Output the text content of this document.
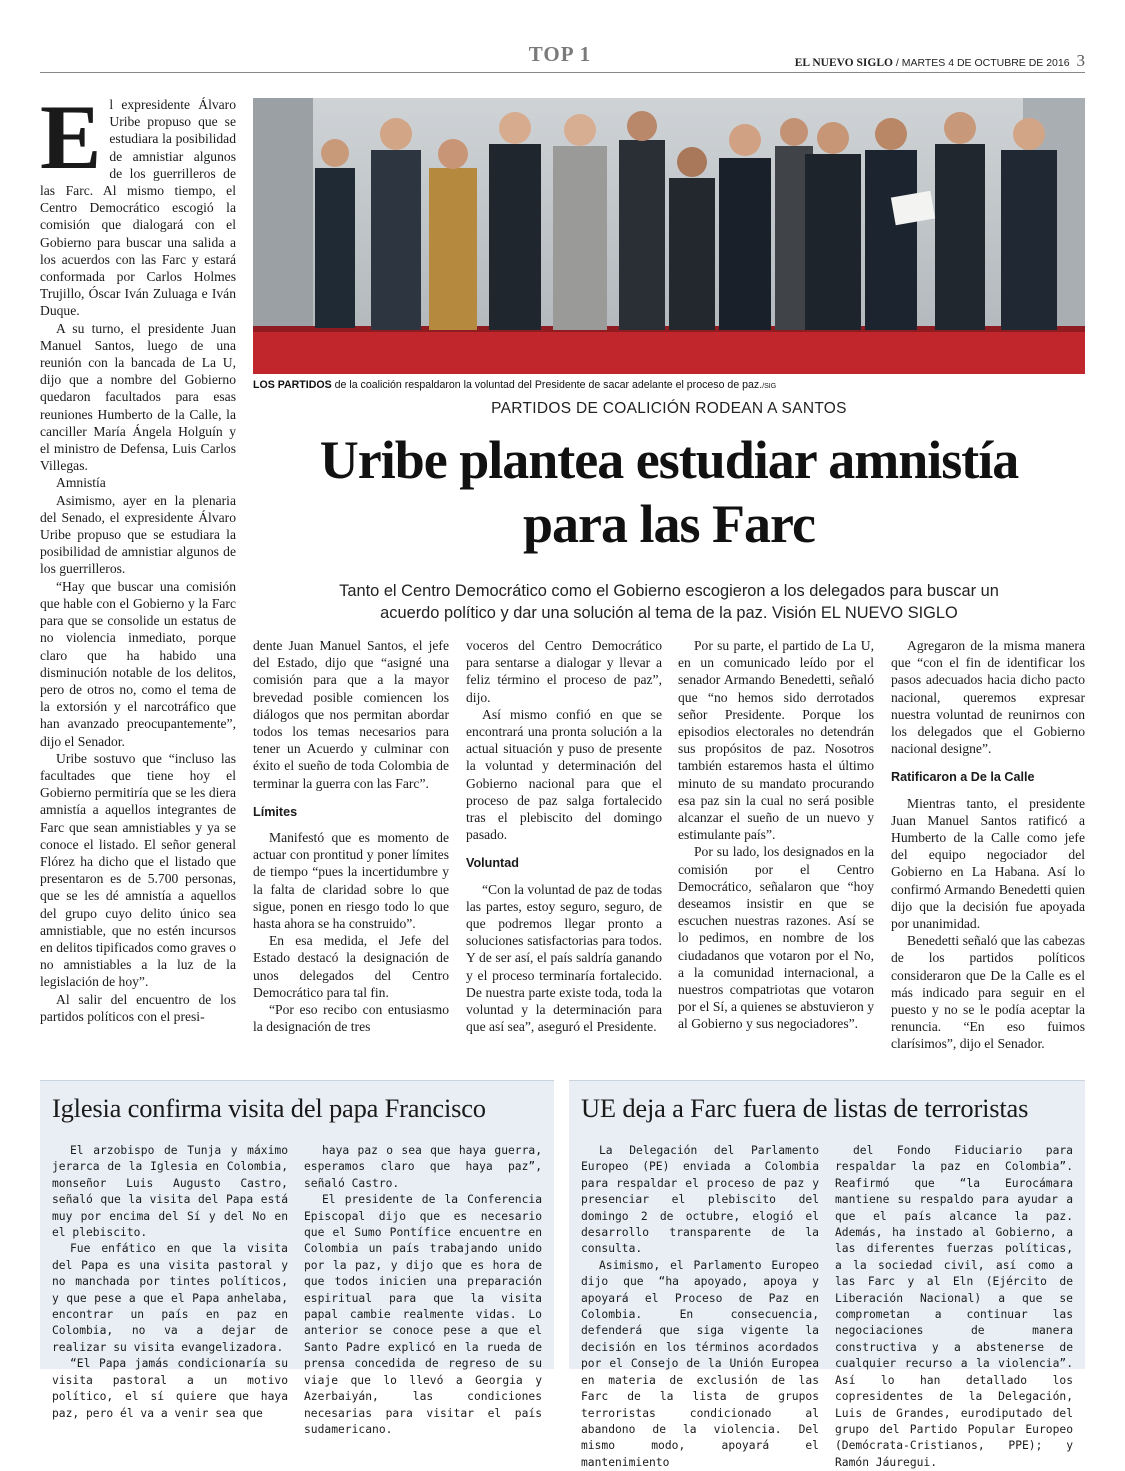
TOP 1	EL NUEVO SIGLO / MARTES 4 DE OCTUBRE DE 2016 3
E l expresidente Álvaro Uribe propuso que se estudiara la posibilidad de amnistiar algunos de los guerrilleros de las Farc. Al mismo tiempo, el Centro Democrático escogió la comisión que dialogará con el Gobierno para buscar una salida a los acuerdos con las Farc y estará conformada por Carlos Holmes Trujillo, Óscar Iván Zuluaga e Iván Duque.

A su turno, el presidente Juan Manuel Santos, luego de una reunión con la bancada de La U, dijo que a nombre del Gobierno quedaron facultados para esas reuniones Humberto de la Calle, la canciller María Ángela Holguín y el ministro de Defensa, Luis Carlos Villegas.

Amnistía

Asimismo, ayer en la plenaria del Senado, el expresidente Álvaro Uribe propuso que se estudiara la posibilidad de amnistiar algunos de los guerrilleros.

“Hay que buscar una comisión que hable con el Gobierno y la Farc para que se consolide un estatus de no violencia inmediato, porque claro que ha habido una disminución notable de los delitos, pero de otros no, como el tema de la extorsión y el narcotráfico que han avanzado preocupantemente”, dijo el Senador.

Uribe sostuvo que “incluso las facultades que tiene hoy el Gobierno permitiría que se les diera amnistía a aquellos integrantes de Farc que sean amnistiables y ya se conoce el listado. El señor general Flórez ha dicho que el listado que presentaron es de 5.700 personas, que se les dé amnistía a aquellos del grupo cuyo delito único sea amnistiable, que no estén incursos en delitos tipificados como graves o no amnistiables a la luz de la legislación de hoy”.

Al salir del encuentro de los partidos políticos con el presi-

LOS PARTIDOS de la coalición respaldaron la voluntad del Presidente de sacar adelante el proceso de paz./SIG
PARTIDOS DE COALICIÓN RODEAN A SANTOS
Uribe plantea estudiar amnistía
para las Farc
Tanto el Centro Democrático como el Gobierno escogieron a los delegados para buscar un
acuerdo político y dar una solución al tema de la paz. Visión EL NUEVO SIGLO

dente Juan Manuel Santos, el jefe del Estado, dijo que “asigné una comisión para que a la mayor brevedad posible comiencen los diálogos que nos permitan abordar todos los temas necesarios para tener un Acuerdo y culminar con éxito el sueño de toda Colombia de terminar la guerra con las Farc”.

Límites

Manifestó que es momento de actuar con prontitud y poner límites de tiempo “pues la incertidumbre y la falta de claridad sobre lo que sigue, ponen en riesgo todo lo que hasta ahora se ha construido”.

En esa medida, el Jefe del Estado destacó la designación de unos delegados del Centro Democrático para tal fin.

“Por eso recibo con entusiasmo la designación de tres

voceros del Centro Democrático para sentarse a dialogar y llevar a feliz término el proceso de paz”, dijo.

Así mismo confió en que se encontrará una pronta solución a la actual situación y puso de presente la voluntad y determinación del Gobierno nacional para que el proceso de paz salga fortalecido tras el plebiscito del domingo pasado.

Voluntad

“Con la voluntad de paz de todas las partes, estoy seguro, seguro, de que podremos llegar pronto a soluciones satisfactorias para todos. Y de ser así, el país saldría ganando y el proceso terminaría fortalecido. De nuestra parte existe toda, toda la voluntad y la determinación para que así sea”, aseguró el Presidente.

Por su parte, el partido de La U, en un comunicado leído por el senador Armando Benedetti, señaló que “no hemos sido derrotados señor Presidente. Porque los episodios electorales no detendrán sus propósitos de paz. Nosotros también estaremos hasta el último minuto de su mandato procurando esa paz sin la cual no será posible alcanzar el sueño de un nuevo y estimulante país”.

Por su lado, los designados en la comisión por el Centro Democrático, señalaron que “hoy deseamos insistir en que se escuchen nuestras razones. Así se lo pedimos, en nombre de los ciudadanos que votaron por el No, a la comunidad internacional, a nuestros compatriotas que votaron por el Sí, a quienes se abstuvieron y al Gobierno y sus negociadores”.

Agregaron de la misma manera que “con el fin de identificar los pasos adecuados hacia dicho pacto nacional, queremos expresar nuestra voluntad de reunirnos con los delegados que el Gobierno nacional designe”.

Ratificaron a De la Calle

Mientras tanto, el presidente Juan Manuel Santos ratificó a Humberto de la Calle como jefe del equipo negociador del Gobierno en La Habana. Así lo confirmó Armando Benedetti quien dijo que la decisión fue apoyada por unanimidad.

Benedetti señaló que las cabezas de los partidos políticos consideraron que De la Calle es el más indicado para seguir en el puesto y no se le podía aceptar la renuncia. “En eso fuimos clarísimos”, dijo el Senador.

Iglesia confirma visita del papa Francisco

El arzobispo de Tunja y máximo jerarca de la Iglesia en Colombia, monseñor Luis Augusto Castro, señaló que la visita del Papa está muy por encima del Sí y del No en el plebiscito.

Fue enfático en que la visita del Papa es una visita pastoral y no manchada por tintes políticos, y que pese a que el Papa anhelaba, encontrar un país en paz en Colombia, no va a dejar de realizar su visita evangelizadora.

“El Papa jamás condicionaría su visita pastoral a un motivo político, el sí quiere que haya paz, pero él va a venir sea que

haya paz o sea que haya guerra, esperamos claro que haya paz”, señaló Castro.

El presidente de la Conferencia Episcopal dijo que es necesario que el Sumo Pontífice encuentre en Colombia un país trabajando unido por la paz, y dijo que es hora de que todos inicien una preparación espiritual para que la visita papal cambie realmente vidas. Lo anterior se conoce pese a que el Santo Padre explicó en la rueda de prensa concedida de regreso de su viaje que lo llevó a Georgia y Azerbaiyán, las condiciones necesarias para visitar el país sudamericano.

UE deja a Farc fuera de listas de terroristas

La Delegación del Parlamento Europeo (PE) enviada a Colombia para respaldar el proceso de paz y presenciar el plebiscito del domingo 2 de octubre, elogió el desarrollo transparente de la consulta.

Asimismo, el Parlamento Europeo dijo que “ha apoyado, apoya y apoyará el Proceso de Paz en Colombia. En consecuencia, defenderá que siga vigente la decisión en los términos acordados por el Consejo de la Unión Europea en materia de exclusión de las Farc de la lista de grupos terroristas condicionado al abandono de la violencia. Del mismo modo, apoyará el mantenimiento

del Fondo Fiduciario para respaldar la paz en Colombia”. Reafirmó que “la Eurocámara mantiene su respaldo para ayudar a que el país alcance la paz. Además, ha instado al Gobierno, a las diferentes fuerzas políticas, a la sociedad civil, así como a las Farc y al Eln (Ejército de Liberación Nacional) a que se comprometan a continuar las negociaciones de manera constructiva y a abstenerse de cualquier recurso a la violencia”. Así lo han detallado los copresidentes de la Delegación, Luis de Grandes, eurodiputado del grupo del Partido Popular Europeo (Demócrata-Cristianos, PPE); y Ramón Jáuregui.
